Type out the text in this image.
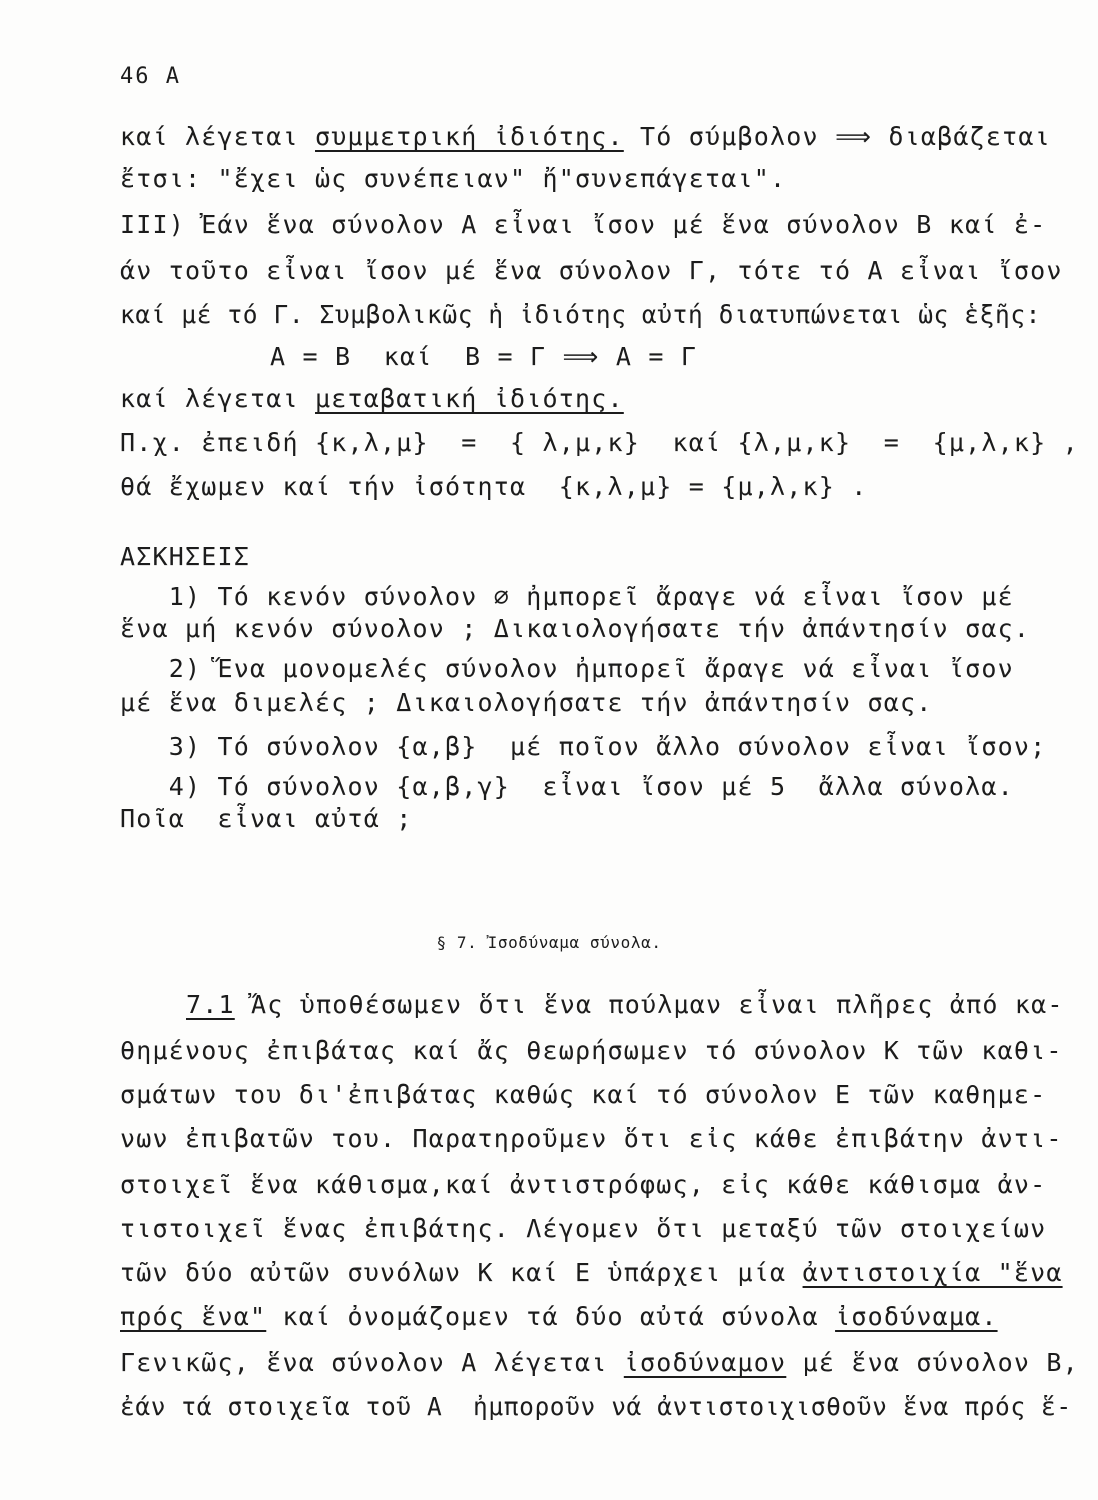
46 A
καί λέγεται συμμετρική ἰδιότης. Τό σύμβολον ⟹ διαβάζεται
ἔτσι: "ἔχει ὡς συνέπειαν" ἤ"συνεπάγεται".
III) Ἐάν ἕνα σύνολον Α εἶναι ἴσον μέ ἕνα σύνολον Β καί ἐ-
άν τοῦτο εἶναι ἴσον μέ ἕνα σύνολον Γ, τότε τό Α εἶναι ἴσον
καί μέ τό Γ. Συμβολικῶς ἡ ἰδιότης αὐτή διατυπώνεται ὡς ἑξῆς:
Α = Β  καί  Β = Γ ⟹ Α = Γ
καί λέγεται μεταβατική ἰδιότης.
Π.χ. ἐπειδή {κ,λ,μ}  =  { λ,μ,κ}  καί {λ,μ,κ}  =  {μ,λ,κ} ,
θά ἔχωμεν καί τήν ἰσότητα  {κ,λ,μ} = {μ,λ,κ} .
ΑΣΚΗΣΕΙΣ
1) Τό κενόν σύνολον ∅ ἠμπορεῖ ἄραγε νά εἶναι ἴσον μέ
ἕνα μή κενόν σύνολον ; Δικαιολογήσατε τήν ἀπάντησίν σας.
2) Ἕνα μονομελές σύνολον ἠμπορεῖ ἄραγε νά εἶναι ἴσον
μέ ἕνα διμελές ; Δικαιολογήσατε τήν ἀπάντησίν σας.
3) Τό σύνολον {α,β}  μέ ποῖον ἄλλο σύνολον εἶναι ἴσον;
4) Τό σύνολον {α,β,γ}  εἶναι ἴσον μέ 5  ἄλλα σύνολα.
Ποῖα  εἶναι αὐτά ;
§ 7. Ἰσοδύναμα σύνολα.
7.1 Ἄς ὑποθέσωμεν ὅτι ἕνα πούλμαν εἶναι πλῆρες ἀπό κα-
θημένους ἐπιβάτας καί ἄς θεωρήσωμεν τό σύνολον Κ τῶν καθι-
σμάτων του δι'ἐπιβάτας καθώς καί τό σύνολον Ε τῶν καθημε-
νων ἐπιβατῶν του. Παρατηροῦμεν ὅτι εἰς κάθε ἐπιβάτην ἀντι-
στοιχεῖ ἕνα κάθισμα,καί ἀντιστρόφως, εἰς κάθε κάθισμα ἀν-
τιστοιχεῖ ἕνας ἐπιβάτης. Λέγομεν ὅτι μεταξύ τῶν στοιχείων
τῶν δύο αὐτῶν συνόλων Κ καί Ε ὑπάρχει μία ἀντιστοιχία "ἕνα
πρός ἕνα" καί ὀνομάζομεν τά δύο αὐτά σύνολα ἰσοδύναμα.
Γενικῶς, ἕνα σύνολον Α λέγεται ἰσοδύναμον μέ ἕνα σύνολον Β,
ἐάν τά στοιχεῖα τοῦ Α  ἠμποροῦν νά ἀντιστοιχισθοῦν ἕνα πρός ἕ-
